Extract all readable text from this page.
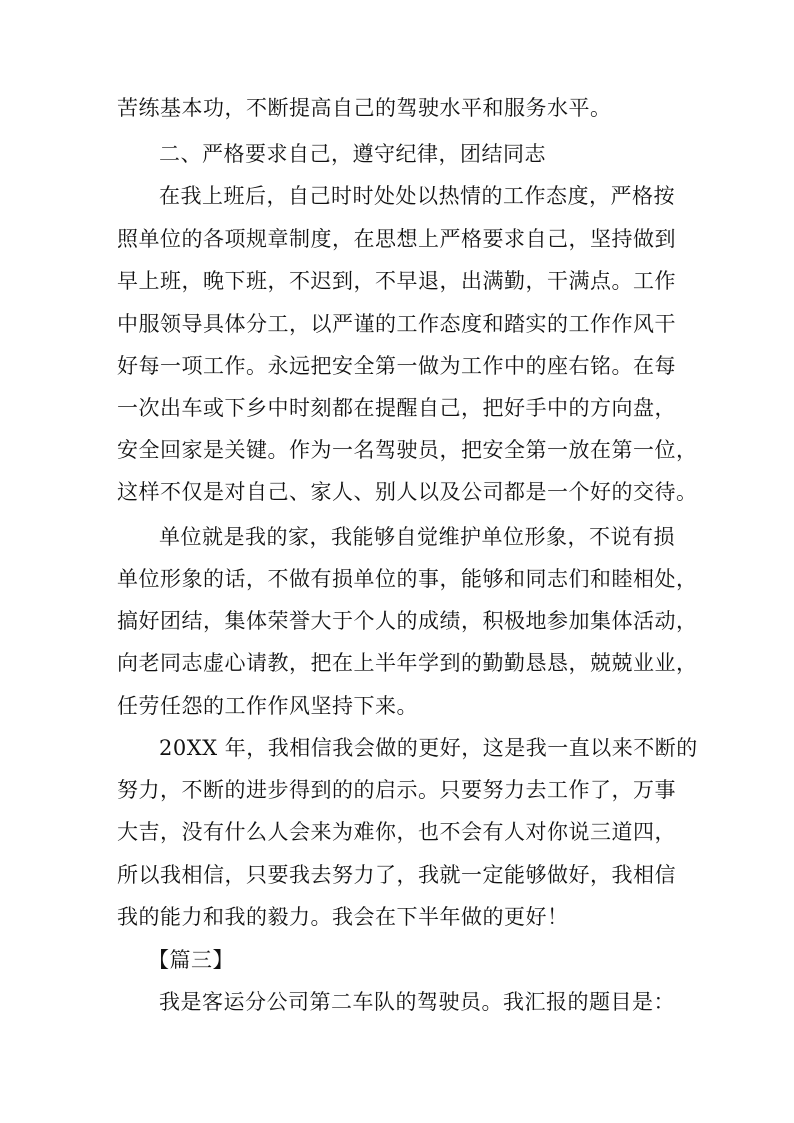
苦练基本功，不断提高自己的驾驶水平和服务水平。
二、严格要求自己，遵守纪律，团结同志
在我上班后，自己时时处处以热情的工作态度，严格按
照单位的各项规章制度，在思想上严格要求自己，坚持做到
早上班，晚下班，不迟到，不早退，出满勤，干满点。工作
中服领导具体分工，以严谨的工作态度和踏实的工作作风干
好每一项工作。永远把安全第一做为工作中的座右铭。在每
一次出车或下乡中时刻都在提醒自己，把好手中的方向盘，
安全回家是关键。作为一名驾驶员，把安全第一放在第一位，
这样不仅是对自己、家人、别人以及公司都是一个好的交待。
单位就是我的家，我能够自觉维护单位形象，不说有损
单位形象的话，不做有损单位的事，能够和同志们和睦相处，
搞好团结，集体荣誉大于个人的成绩，积极地参加集体活动，
向老同志虚心请教，把在上半年学到的勤勤恳恳，兢兢业业，
任劳任怨的工作作风坚持下来。
20XX 年，我相信我会做的更好，这是我一直以来不断的
努力，不断的进步得到的的启示。只要努力去工作了，万事
大吉，没有什么人会来为难你，也不会有人对你说三道四，
所以我相信，只要我去努力了，我就一定能够做好，我相信
我的能力和我的毅力。我会在下半年做的更好！
【篇三】
我是客运分公司第二车队的驾驶员。我汇报的题目是：
